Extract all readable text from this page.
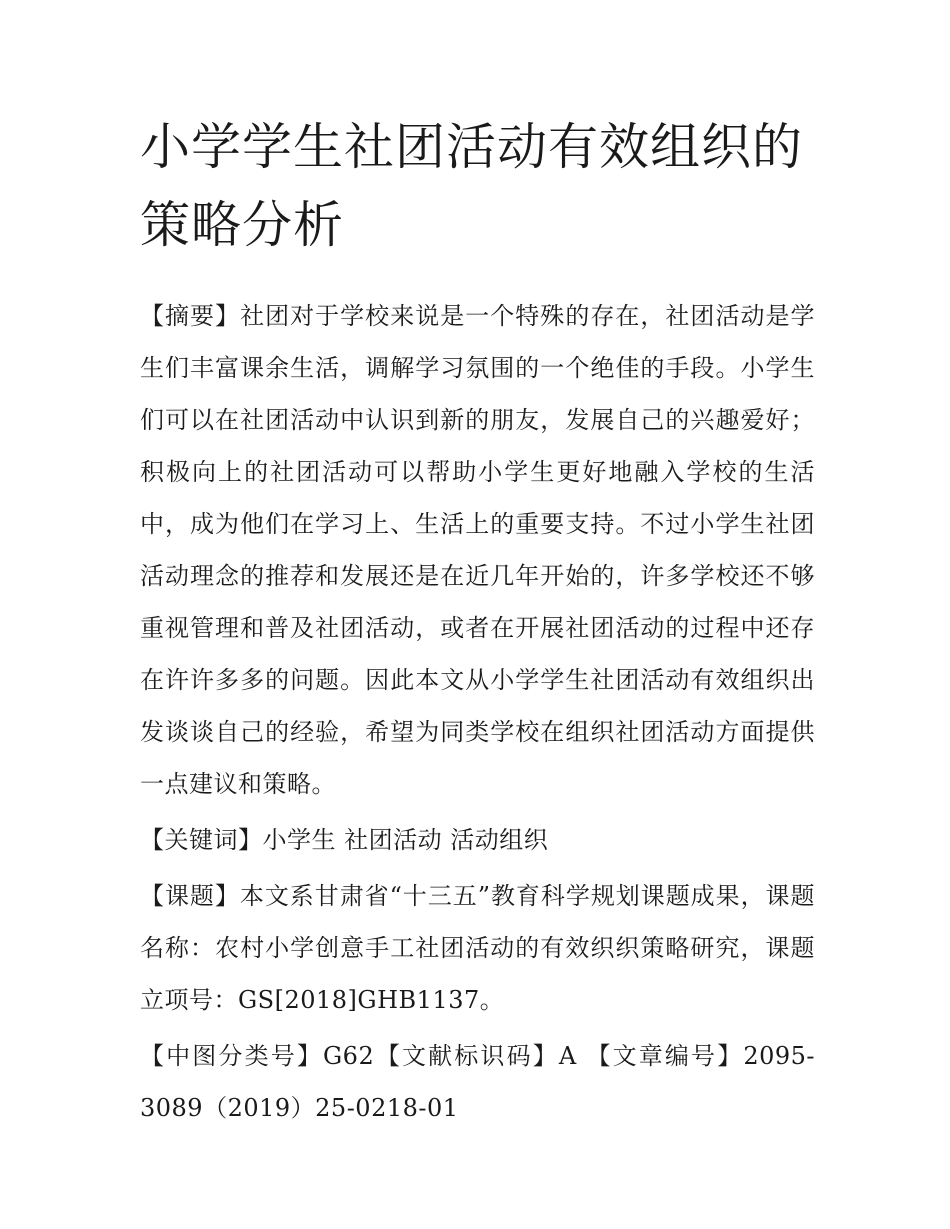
小学学生社团活动有效组织的策略分析

【摘要】社团对于学校来说是一个特殊的存在，社团活动是学生们丰富课余生活，调解学习氛围的一个绝佳的手段。小学生们可以在社团活动中认识到新的朋友，发展自己的兴趣爱好；积极向上的社团活动可以帮助小学生更好地融入学校的生活中，成为他们在学习上、生活上的重要支持。不过小学生社团活动理念的推荐和发展还是在近几年开始的，许多学校还不够重视管理和普及社团活动，或者在开展社团活动的过程中还存在许许多多的问题。因此本文从小学学生社团活动有效组织出发谈谈自己的经验，希望为同类学校在组织社团活动方面提供一点建议和策略。

【关键词】小学生 社团活动 活动组织

【课题】本文系甘肃省“十三五”教育科学规划课题成果，课题名称：农村小学创意手工社团活动的有效织织策略研究，课题立项号：GS[2018]GHB1137。

【中图分类号】G62【文献标识码】A 【文章编号】2095-3089（2019）25-0218-01
